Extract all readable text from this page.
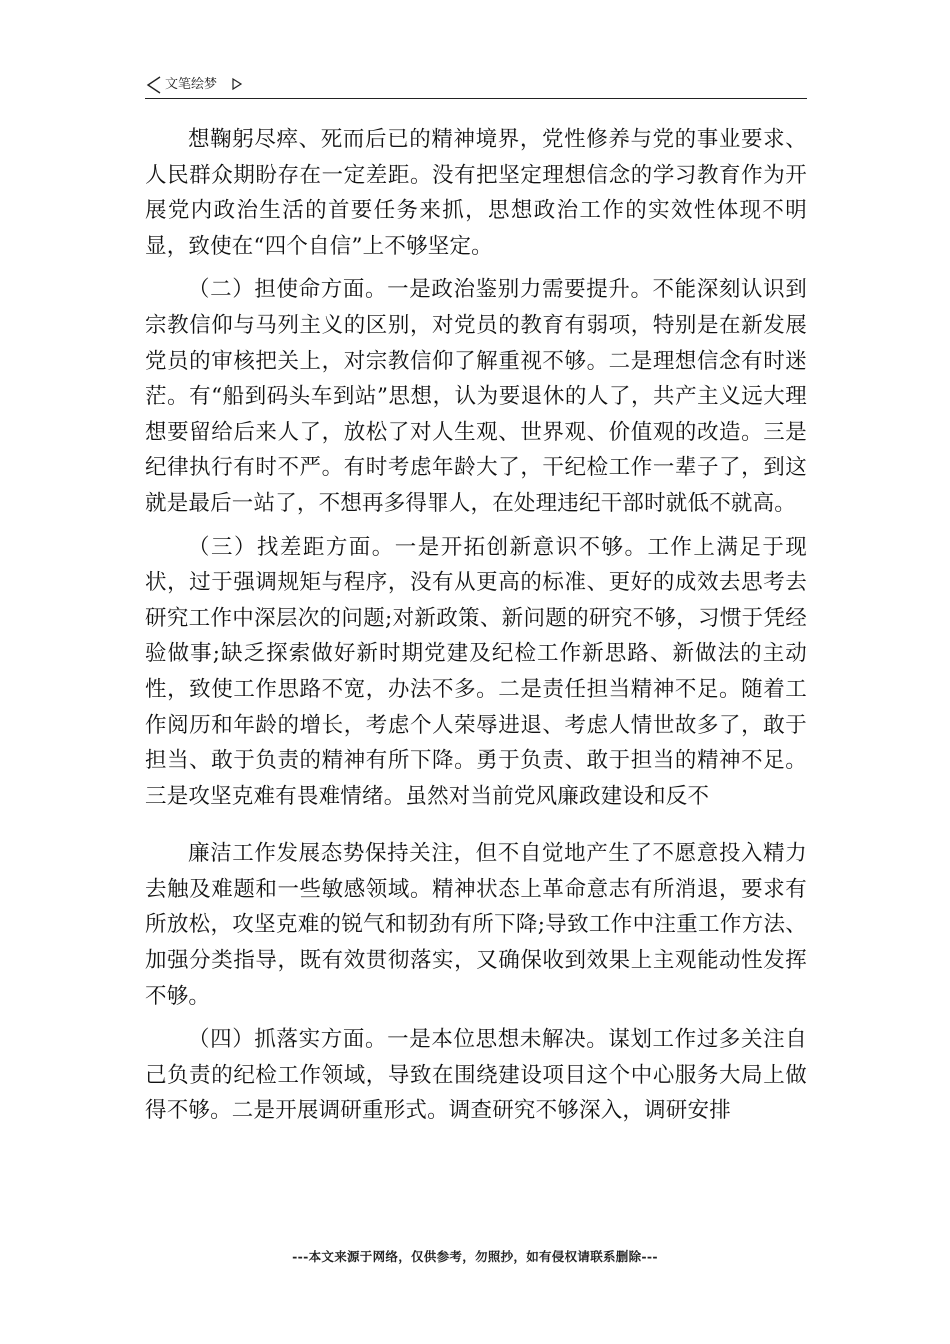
文笔绘梦

想鞠躬尽瘁、死而后已的精神境界，党性修养与党的事业要求、人民群众期盼存在一定差距。没有把坚定理想信念的学习教育作为开展党内政治生活的首要任务来抓，思想政治工作的实效性体现不明显，致使在“四个自信”上不够坚定。

（二）担使命方面。一是政治鉴别力需要提升。不能深刻认识到宗教信仰与马列主义的区别，对党员的教育有弱项，特别是在新发展党员的审核把关上，对宗教信仰了解重视不够。二是理想信念有时迷茫。有“船到码头车到站”思想，认为要退休的人了，共产主义远大理想要留给后来人了，放松了对人生观、世界观、价值观的改造。三是纪律执行有时不严。有时考虑年龄大了，干纪检工作一辈子了，到这就是最后一站了，不想再多得罪人，在处理违纪干部时就低不就高。

（三）找差距方面。一是开拓创新意识不够。工作上满足于现状，过于强调规矩与程序，没有从更高的标准、更好的成效去思考去研究工作中深层次的问题;对新政策、新问题的研究不够，习惯于凭经验做事;缺乏探索做好新时期党建及纪检工作新思路、新做法的主动性，致使工作思路不宽，办法不多。二是责任担当精神不足。随着工作阅历和年龄的增长，考虑个人荣辱进退、考虑人情世故多了，敢于担当、敢于负责的精神有所下降。勇于负责、敢于担当的精神不足。三是攻坚克难有畏难情绪。虽然对当前党风廉政建设和反不

廉洁工作发展态势保持关注，但不自觉地产生了不愿意投入精力去触及难题和一些敏感领域。精神状态上革命意志有所消退，要求有所放松，攻坚克难的锐气和韧劲有所下降;导致工作中注重工作方法、加强分类指导，既有效贯彻落实，又确保收到效果上主观能动性发挥不够。

（四）抓落实方面。一是本位思想未解决。谋划工作过多关注自己负责的纪检工作领域，导致在围绕建设项目这个中心服务大局上做得不够。二是开展调研重形式。调查研究不够深入，调研安排

---本文来源于网络，仅供参考，勿照抄，如有侵权请联系删除---
